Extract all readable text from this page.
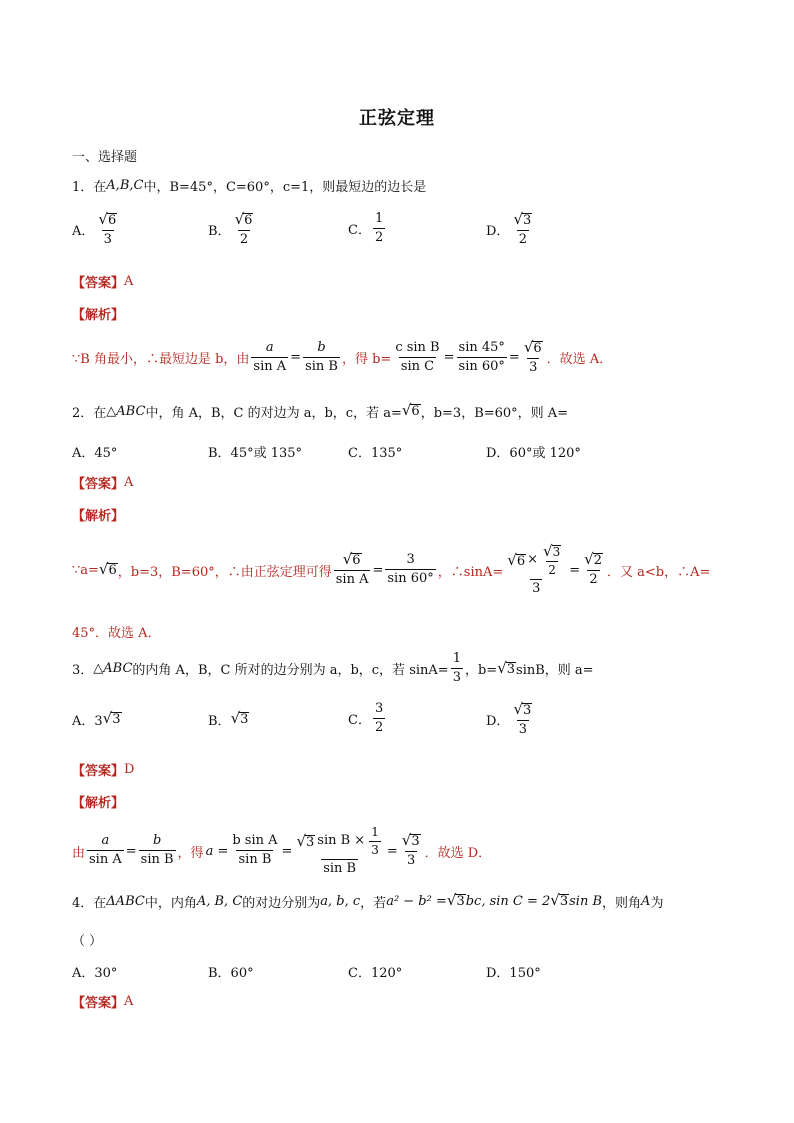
正弦定理
一、选择题
1． 在 A,B,C 中，B=45°，C=60°，c=1，则最短边的边长是
A． $\frac{√ 6}{3}$	B． $\frac{√ 6}{2}$	C． $\frac{1}{2}$	D． $\frac{√ 3}{2}$
【答案】 A
【解析】
∵B 角最小，∴最短边是 b，由 $\frac{a}{\text{sin A}} = \frac{b}{\text{sin B}}$ ，得 $b= \frac{\text{c sin B}}{\text{sin C}} = \frac{\sin 45^\circ}{\sin 60^\circ} = \frac{√ 6}{3}$ ．故选 A．
2． 在 △ABC 中，角 A，B，C 的对边为 a，b，c，若 a= √ 6 ，b=3，B=60°，则 A=
A．45°	B．45°或 135°	C．135°	D．60°或 120°
【答案】 A
【解析】
∵a= √ 6 ，b=3，B=60°，∴由正弦定理可得 $\frac{√ 6}{\text{sin A}} = \frac{3}{\sin 60^\circ}$ ，∴sinA= $\frac{√ 6 \times \frac{√ 3}{2}}{3} = \frac{√ 2}{2}$ ．又 a<b，∴A=
45°．故选 A．
3． △ABC 的内角 A，B，C 所对的边分别为 a，b，c，若 $\sin A= \frac{1}{3}$ ，b= √ 3 sinB，则 a=
A．3 √ 3	B． √ 3	C． $\frac{3}{2}$	D． $\frac{√ 3}{3}$
【答案】 D
【解析】
由 $\frac{a}{\text{sin A}} = \frac{b}{\text{sin B}}$ ，得 $a = \frac{\text{b sin A}}{\text{sin B}} = \frac{√ 3 \sin B \times \frac{1}{3}}{\text{sin B}} = \frac{√ 3}{3}$ ．故选 D．
4． 在 ΔABC 中，内角 A, B, C 的对边分别为 a, b, c ，若 a² − b² = √ 3 bc, sin C = 2 √ 3 sin B ，则角 A 为
（ ）
A．30°	B．60°	C．120°	D．150°
【答案】 A
